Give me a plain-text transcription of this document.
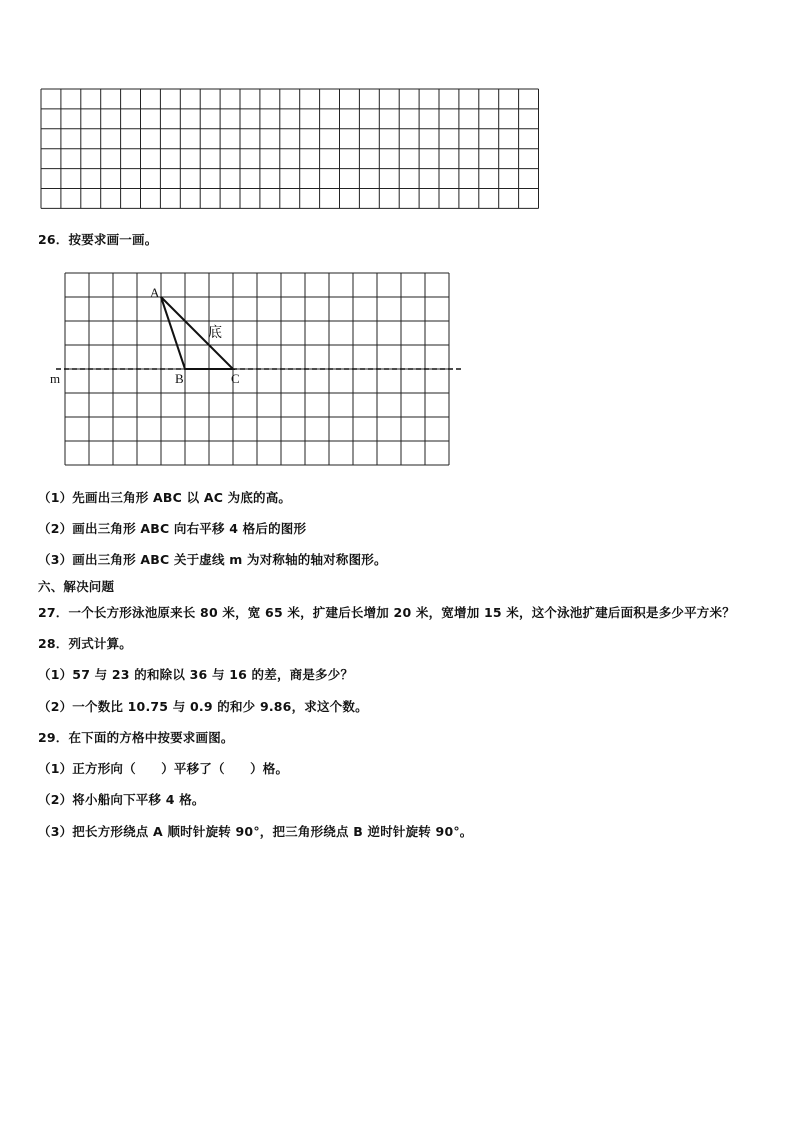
26．按要求画一画。
A
B	C
底
m
（1）先画出三角形 ABC 以 AC 为底的高。
（2）画出三角形 ABC 向右平移 4 格后的图形
（3）画出三角形 ABC 关于虚线 m 为对称轴的轴对称图形。
六、解决问题
27．一个长方形泳池原来长 80 米，宽 65 米，扩建后长增加 20 米，宽增加 15 米，这个泳池扩建后面积是多少平方米？
28．列式计算。
（1）57 与 23 的和除以 36 与 16 的差，商是多少？
（2）一个数比 10.75 与 0.9 的和少 9.86，求这个数。
29．在下面的方格中按要求画图。
（1）正方形向（　　）平移了（　　）格。
（2）将小船向下平移 4 格。
（3）把长方形绕点 A 顺时针旋转 90°，把三角形绕点 B 逆时针旋转 90°。
